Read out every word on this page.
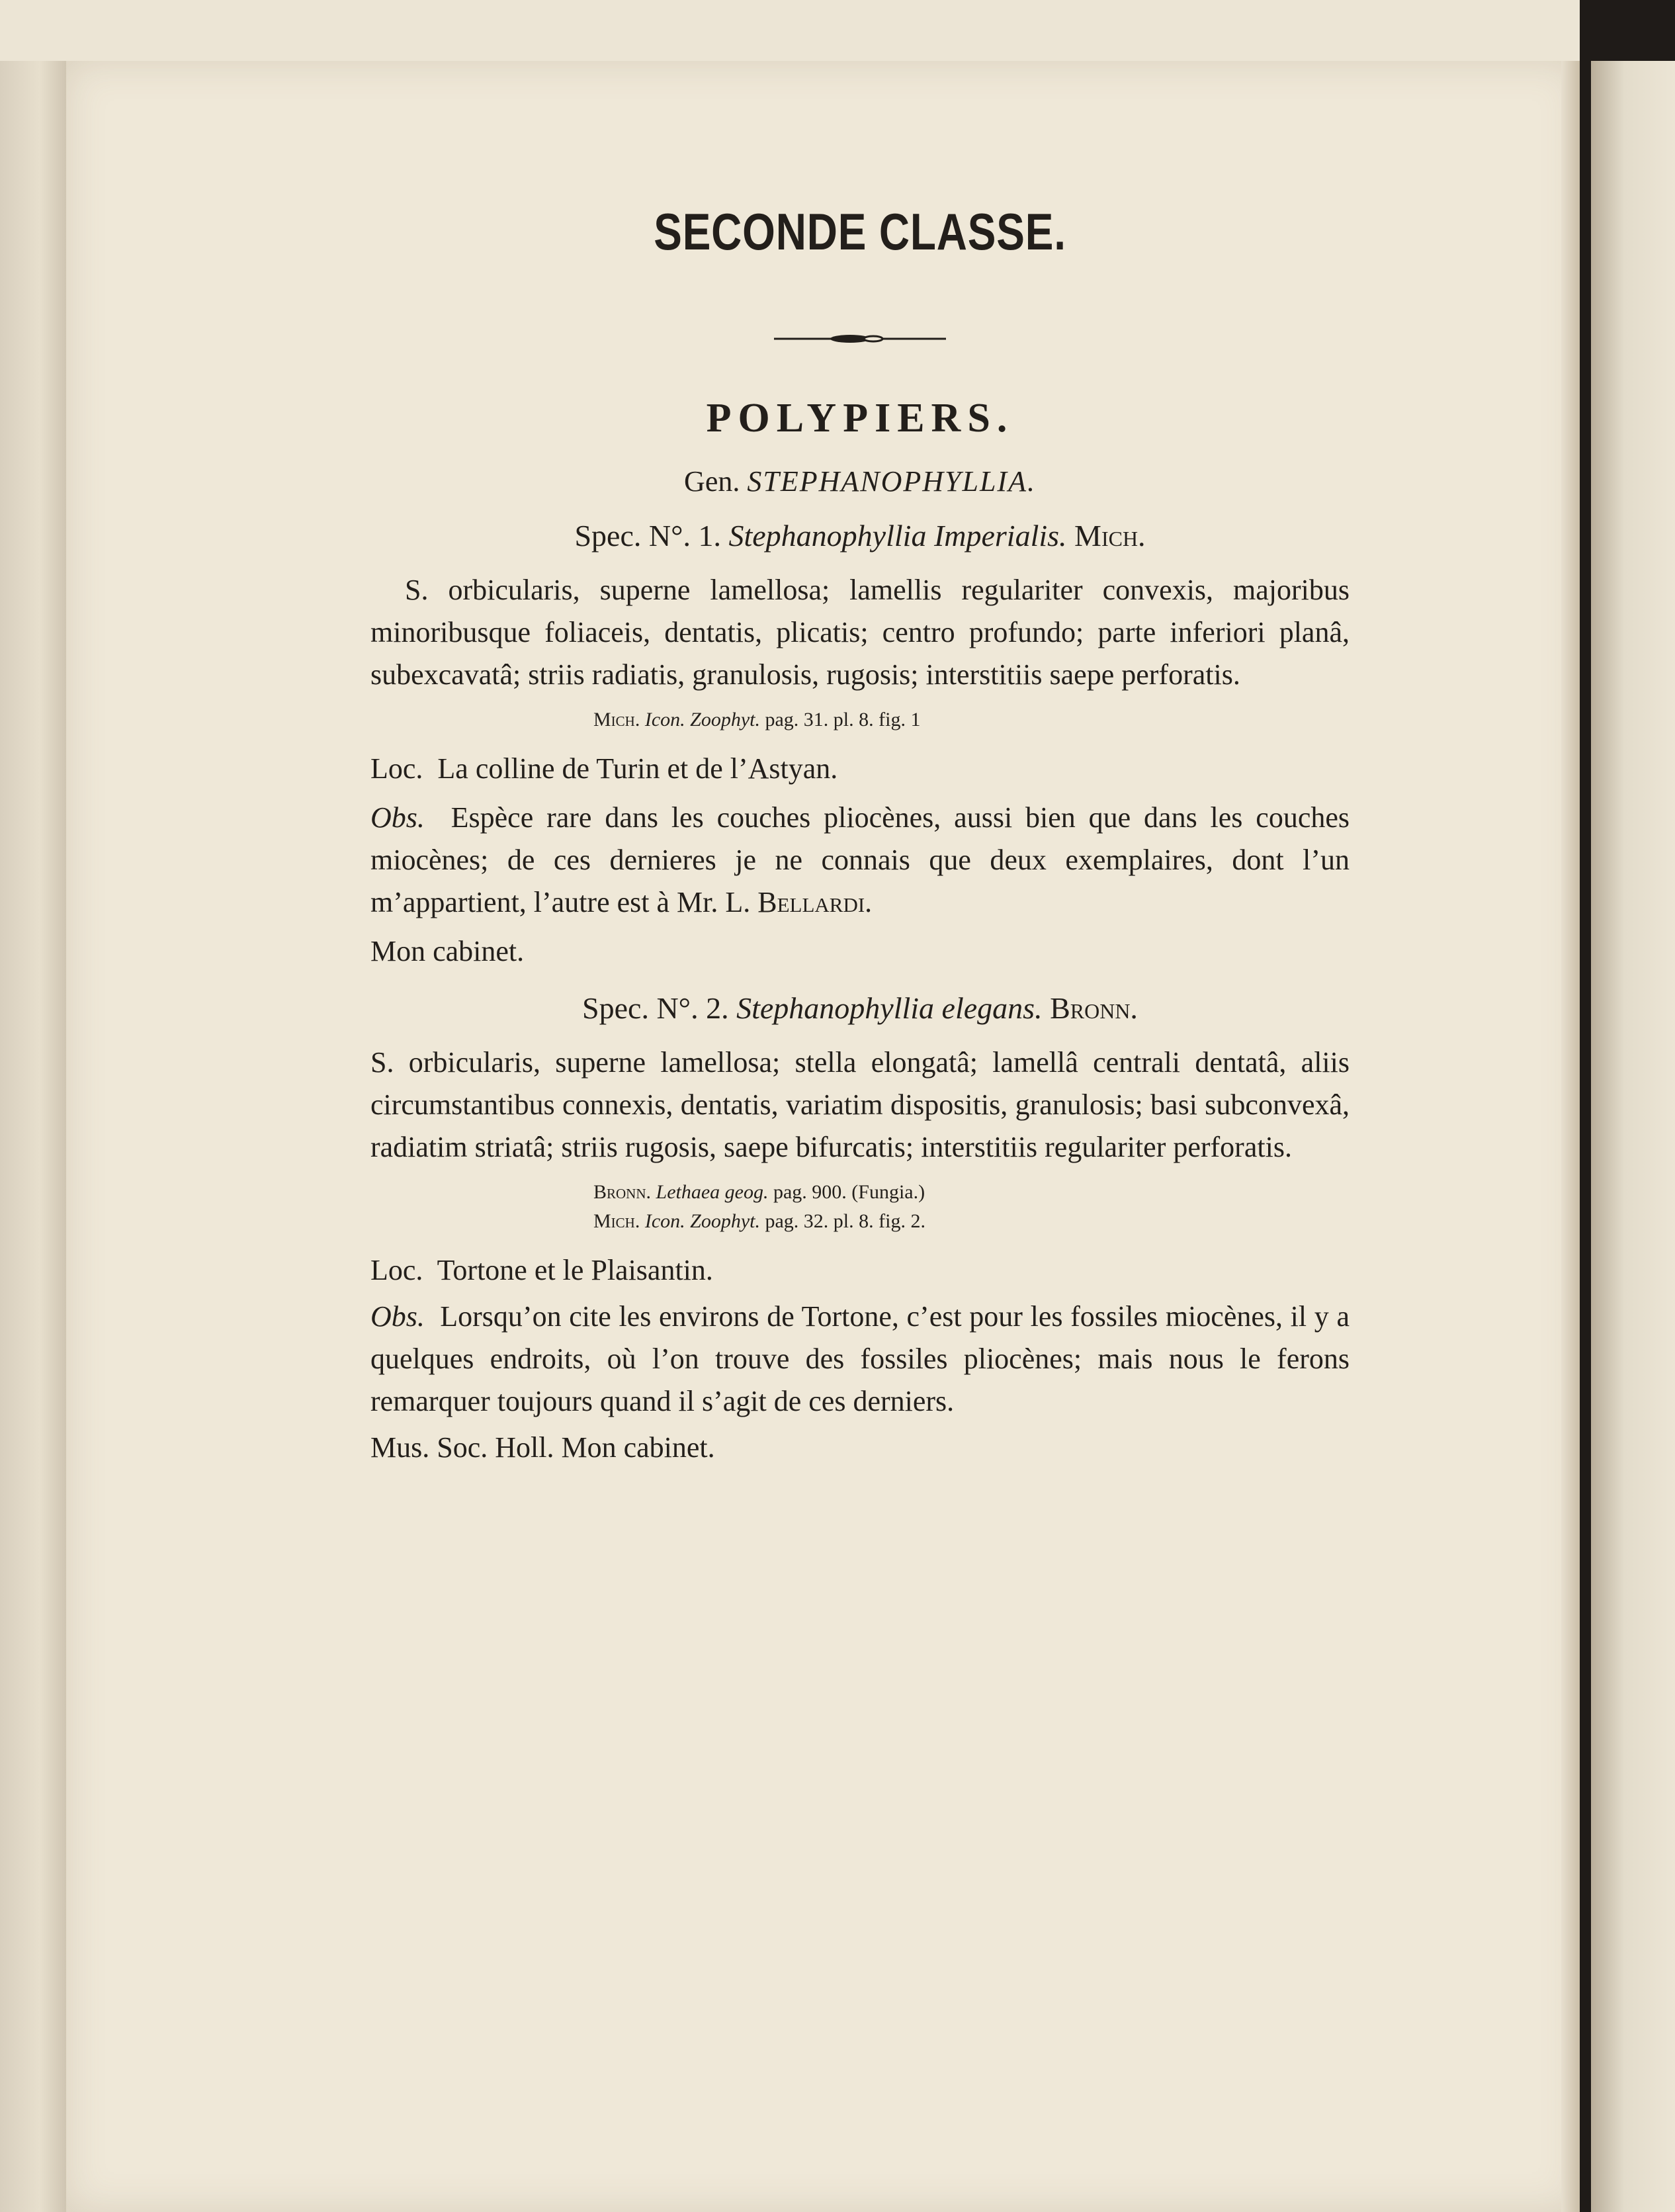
SECONDE CLASSE.
POLYPIERS.
Gen. STEPHANOPHYLLIA.
Spec. N°. 1. Stephanophyllia Imperialis. Mich.

S. orbicularis, superne lamellosa; lamellis regulariter convexis, majoribus minoribusque foliaceis, dentatis, plicatis; centro profundo; parte inferiori planâ, subexcavatâ; striis radiatis, granulosis, rugosis; interstitiis saepe perforatis.

Mich. Icon. Zoophyt. pag. 31. pl. 8. fig. 1

Loc. La colline de Turin et de l’Astyan.

Obs. Espèce rare dans les couches pliocènes, aussi bien que dans les couches miocènes; de ces dernieres je ne connais que deux exemplaires, dont l’un m’appartient, l’autre est à Mr. L. Bellardi.

Mon cabinet.

Spec. N°. 2. Stephanophyllia elegans. Bronn.

S. orbicularis, superne lamellosa; stella elongatâ; lamellâ centrali dentatâ, aliis circumstantibus connexis, dentatis, variatim dispositis, granulosis; basi subconvexâ, radiatim striatâ; striis rugosis, saepe bifurcatis; interstitiis regulariter perforatis.

Bronn. Lethaea geog. pag. 900. (Fungia.)
Mich. Icon. Zoophyt. pag. 32. pl. 8. fig. 2.

Loc. Tortone et le Plaisantin.

Obs. Lorsqu’on cite les environs de Tortone, c’est pour les fossiles miocènes, il y a quelques endroits, où l’on trouve des fossiles pliocènes; mais nous le ferons remarquer toujours quand il s’agit de ces derniers.

Mus. Soc. Holl. Mon cabinet.
